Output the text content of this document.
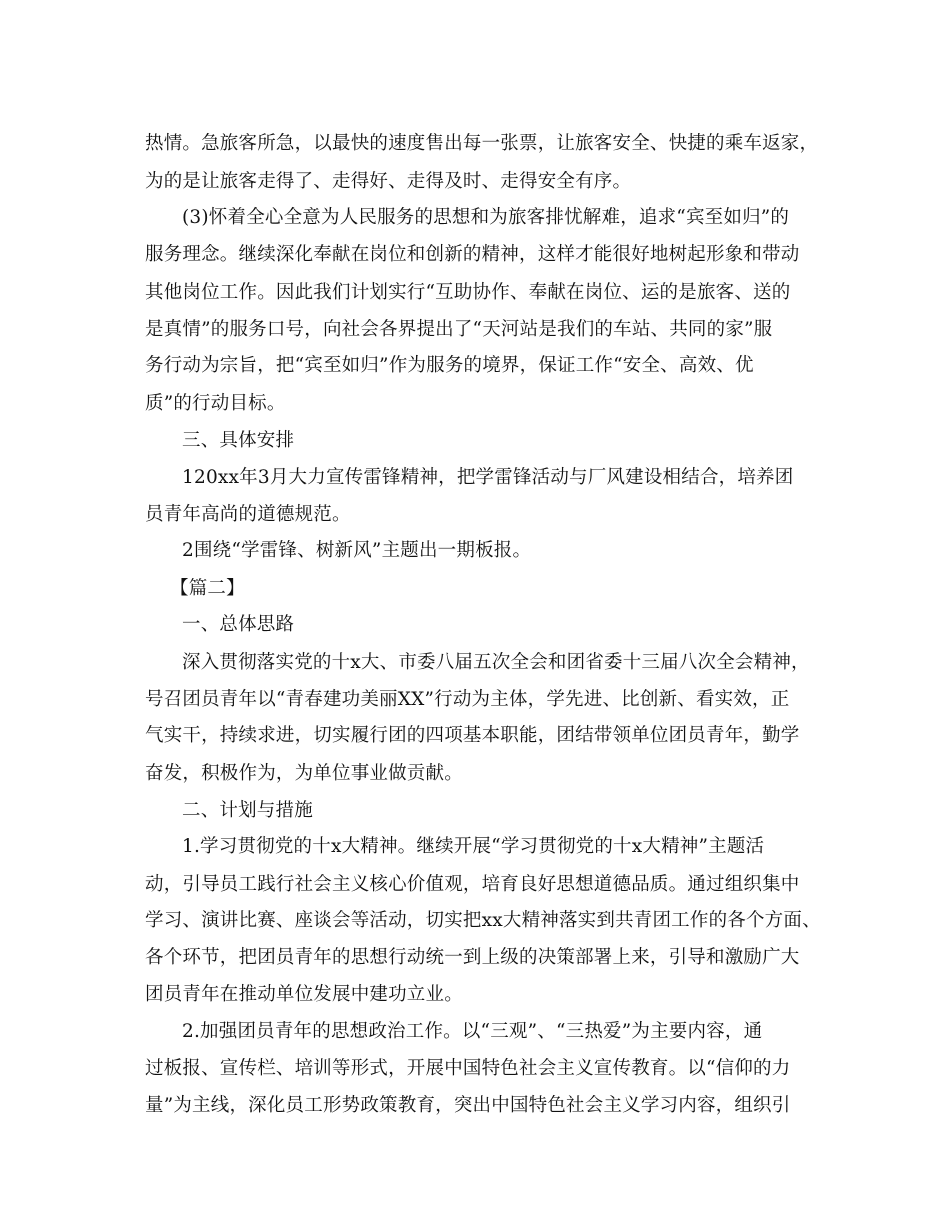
热情。急旅客所急，以最快的速度售出每一张票，让旅客安全、快捷的乘车返家，
为的是让旅客走得了、走得好、走得及时、走得安全有序。
(3)怀着全心全意为人民服务的思想和为旅客排忧解难，追求“宾至如归”的
服务理念。继续深化奉献在岗位和创新的精神，这样才能很好地树起形象和带动
其他岗位工作。因此我们计划实行“互助协作、奉献在岗位、运的是旅客、送的
是真情”的服务口号，向社会各界提出了“天河站是我们的车站、共同的家”服
务行动为宗旨，把“宾至如归”作为服务的境界，保证工作“安全、高效、优
质”的行动目标。
三、具体安排
120xx年3月大力宣传雷锋精神，把学雷锋活动与厂风建设相结合，培养团
员青年高尚的道德规范。
2围绕“学雷锋、树新风”主题出一期板报。
【篇二】
一、总体思路
深入贯彻落实党的十x大、市委八届五次全会和团省委十三届八次全会精神，
号召团员青年以“青春建功美丽XX”行动为主体，学先进、比创新、看实效，正
气实干，持续求进，切实履行团的四项基本职能，团结带领单位团员青年，勤学
奋发，积极作为，为单位事业做贡献。
二、计划与措施
1.学习贯彻党的十x大精神。继续开展“学习贯彻党的十x大精神”主题活
动，引导员工践行社会主义核心价值观，培育良好思想道德品质。通过组织集中
学习、演讲比赛、座谈会等活动，切实把xx大精神落实到共青团工作的各个方面、
各个环节，把团员青年的思想行动统一到上级的决策部署上来，引导和激励广大
团员青年在推动单位发展中建功立业。
2.加强团员青年的思想政治工作。以“三观”、“三热爱”为主要内容，通
过板报、宣传栏、培训等形式，开展中国特色社会主义宣传教育。以“信仰的力
量”为主线，深化员工形势政策教育，突出中国特色社会主义学习内容，组织引
